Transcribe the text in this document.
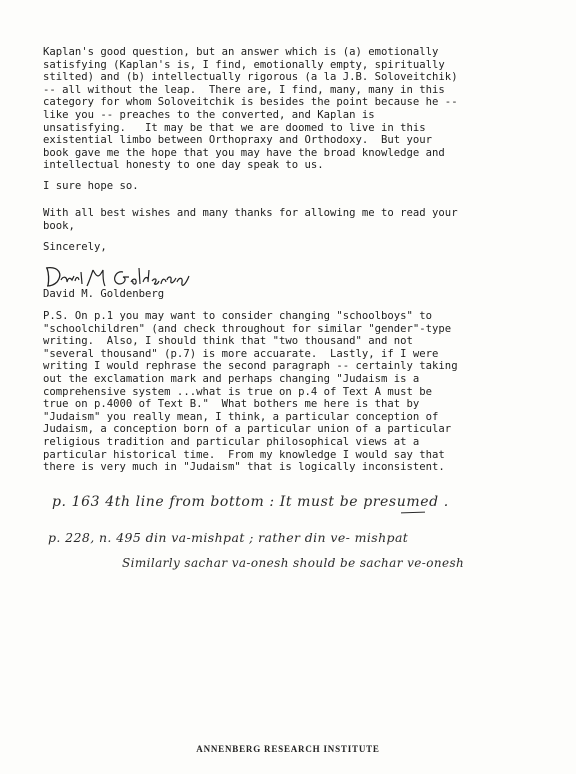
Kaplan's good question, but an answer which is (a) emotionally
satisfying (Kaplan's is, I find, emotionally empty, spiritually
stilted) and (b) intellectually rigorous (a la J.B. Soloveitchik)
-- all without the leap.  There are, I find, many, many in this
category for whom Soloveitchik is besides the point because he --
like you -- preaches to the converted, and Kaplan is
unsatisfying.   It may be that we are doomed to live in this
existential limbo between Orthopraxy and Orthodoxy.  But your
book gave me the hope that you may have the broad knowledge and
intellectual honesty to one day speak to us.
I sure hope so.
With all best wishes and many thanks for allowing me to read your
book,
Sincerely,
David M. Goldenberg
P.S. On p.1 you may want to consider changing "schoolboys" to
"schoolchildren" (and check throughout for similar "gender"-type
writing.  Also, I should think that "two thousand" and not
"several thousand" (p.7) is more accuarate.  Lastly, if I were
writing I would rephrase the second paragraph -- certainly taking
out the exclamation mark and perhaps changing "Judaism is a
comprehensive system ...what is true on p.4 of Text A must be
true on p.4000 of Text B."  What bothers me here is that by
"Judaism" you really mean, I think, a particular conception of
Judaism, a conception born of a particular union of a particular
religious tradition and particular philosophical views at a
particular historical time.  From my knowledge I would say that
there is very much in "Judaism" that is logically inconsistent.

p. 163 4th line from bottom : It must be presumed .

p. 228, n. 495 din va-mishpat ; rather din ve- mishpat

Similarly sachar va-onesh should be sachar ve-onesh

ANNENBERG RESEARCH INSTITUTE
